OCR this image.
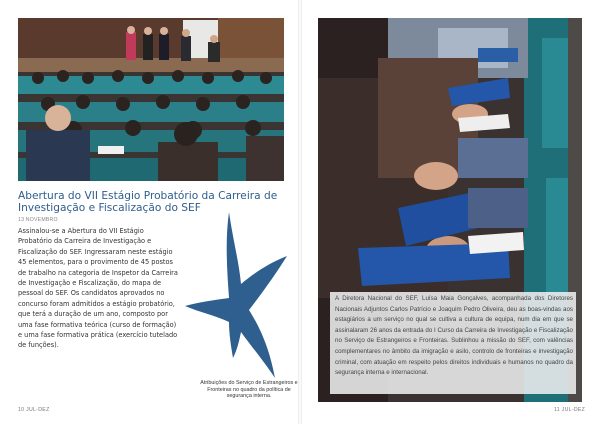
Abertura do VII Estágio Probatório da Carreira de Investigação e Fiscalização do SEF
13 NOVEMBRO
Assinalou-se a Abertura do VII Estágio Probatório da Carreira de Investigação e Fiscalização do SEF. Ingressaram neste estágio 45 elementos, para o provimento de 45 postos de trabalho na categoria de Inspetor da Carreira de Investigação e Fiscalização, do mapa de pessoal do SEF. Os candidatos aprovados no concurso foram admitidos a estágio probatório, que terá a duração de um ano, composto por uma fase formativa teórica (curso de formação) e uma fase formativa prática (exercício tutelado de funções).
Atribuições do Serviço de Estrangeiros e Fronteiras no quadro da política de segurança interna.
A Diretora Nacional do SEF, Luísa Maia Gonçalves, acompanhada dos Diretores Nacionais Adjuntos Carlos Patrício e Joaquim Pedro Oliveira, deu as boas-vindas aos estagiários a um serviço no qual se cultiva a cultura de equipa, num dia em que se assinalaram 26 anos da entrada do I Curso da Carreira de Investigação e Fiscalização no Serviço de Estrangeiros e Fronteiras. Sublinhou a missão do SEF, com valências complementares no âmbito da imigração e asilo, controlo de fronteiras e investigação criminal, com atuação em respeito pelos direitos individuais e humanos no quadro da segurança interna e internacional.
10 JUL-DEZ	11 JUL-DEZ
